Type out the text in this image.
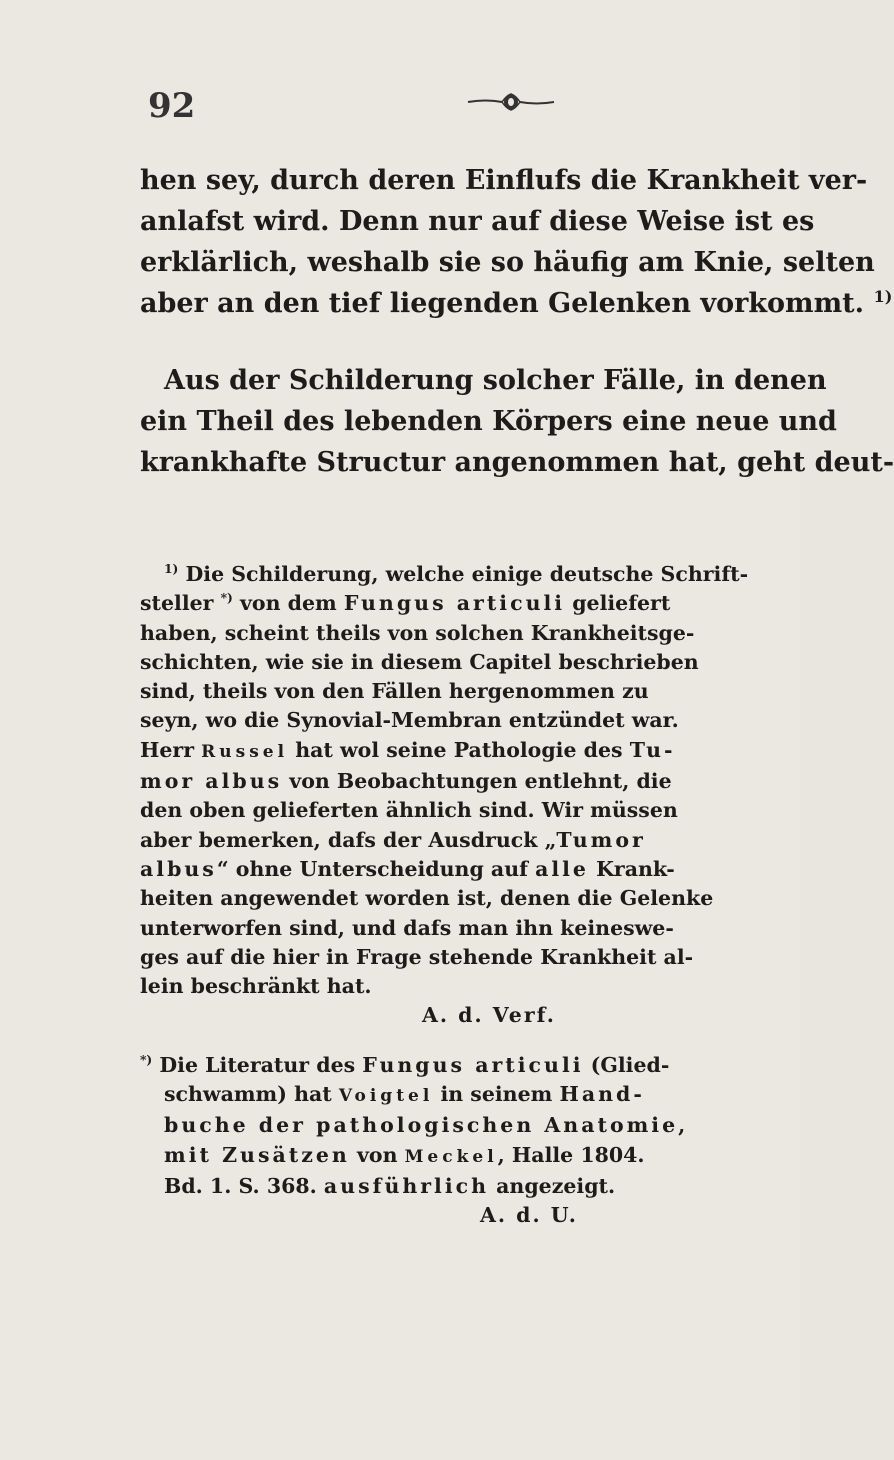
92

hen sey, durch deren Einflufs die Krankheit ver-
anlafst wird. Denn nur auf diese Weise ist es
erklärlich, weshalb sie so häufig am Knie, selten
aber an den tief liegenden Gelenken vorkommt. $^{1)}$

Aus der Schilderung solcher Fälle, in denen
ein Theil des lebenden Körpers eine neue und
krankhafte Structur angenommen hat, geht deut-

$^{1)}$ Die Schilderung, welche einige deutsche Schrift-
steller *) von dem Fungus articuli geliefert
haben, scheint theils von solchen Krankheitsge-
schichten, wie sie in diesem Capitel beschrieben
sind, theils von den Fällen hergenommen zu
seyn, wo die Synovial-Membran entzündet war.
Herr Russel hat wol seine Pathologie des Tu-
mor albus von Beobachtungen entlehnt, die
den oben gelieferten ähnlich sind. Wir müssen
aber bemerken, dafs der Ausdruck „Tumor
albus“ ohne Unterscheidung auf alle Krank-
heiten angewendet worden ist, denen die Gelenke
unterworfen sind, und dafs man ihn keineswe-
ges auf die hier in Frage stehende Krankheit al-
lein beschränkt hat.
A. d. Verf.
*) Die Literatur des Fungus articuli (Glied-
schwamm) hat Voigtel in seinem Hand-
buche der pathologischen Anatomie,
mit Zusätzen von Meckel, Halle 1804.
Bd. 1. S. 368. ausführlich angezeigt.
A. d. U.
